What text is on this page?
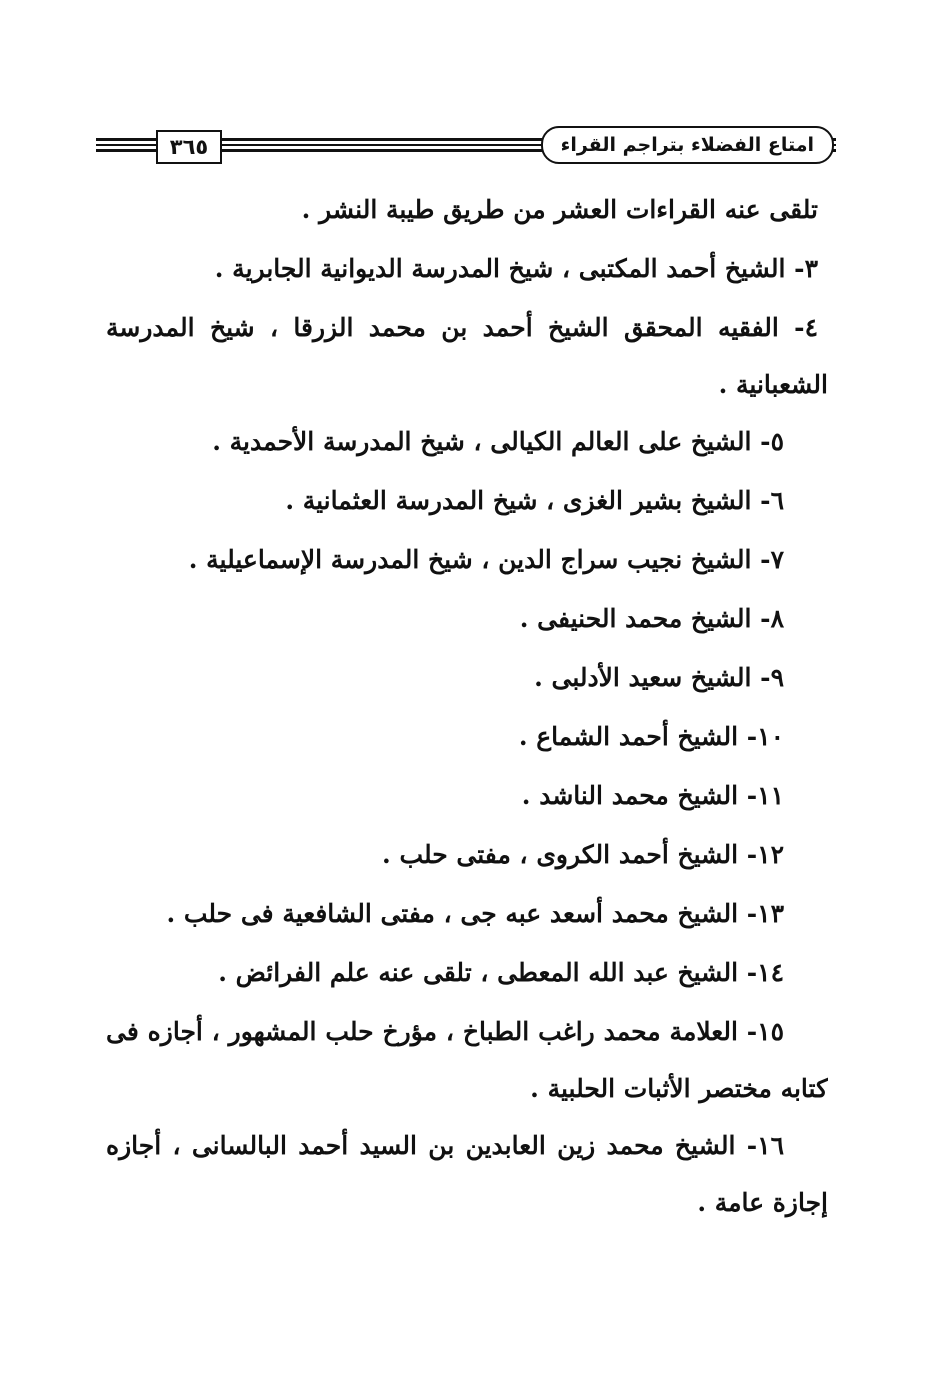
امتاع الفضلاء بتراجم القراء
٣٦٥
تلقى عنه القراءات العشر من طريق طيبة النشر .
٣- الشيخ أحمد المكتبى ، شيخ المدرسة الديوانية الجابرية .
٤- الفقيه المحقق الشيخ أحمد بن محمد الزرقا ، شيخ المدرسة
الشعبانية .
٥- الشيخ على العالم الكيالى ، شيخ المدرسة الأحمدية .
٦- الشيخ بشير الغزى ، شيخ المدرسة العثمانية .
٧- الشيخ نجيب سراج الدين ، شيخ المدرسة الإسماعيلية .
٨- الشيخ محمد الحنيفى .
٩- الشيخ سعيد الأدلبى .
١٠- الشيخ أحمد الشماع .
١١- الشيخ محمد الناشد .
١٢- الشيخ أحمد الكروى ، مفتى حلب .
١٣- الشيخ محمد أسعد عبه جى ، مفتى الشافعية فى حلب .
١٤- الشيخ عبد الله المعطى ، تلقى عنه علم الفرائض .
١٥- العلامة محمد راغب الطباخ ، مؤرخ حلب المشهور ، أجازه فى
كتابه مختصر الأثبات الحلبية .
١٦- الشيخ محمد زين العابدين بن السيد أحمد البالسانى ، أجازه
إجازة عامة .
